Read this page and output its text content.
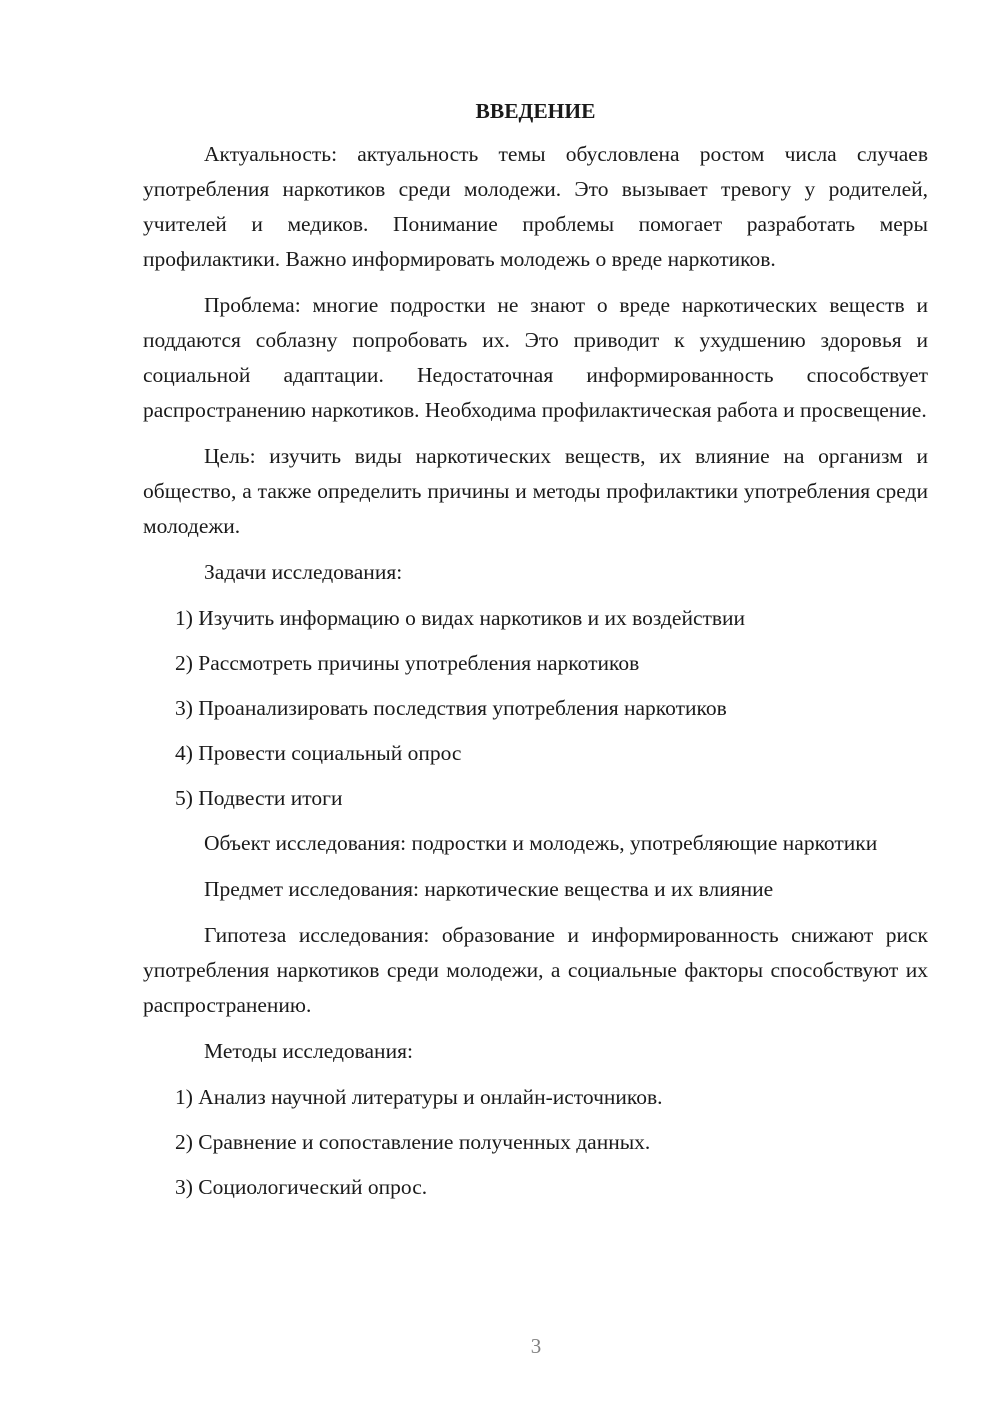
ВВЕДЕНИЕ
Актуальность: актуальность темы обусловлена ростом числа случаев употребления наркотиков среди молодежи. Это вызывает тревогу у родителей, учителей и медиков. Понимание проблемы помогает разработать меры профилактики. Важно информировать молодежь о вреде наркотиков.
Проблема: многие подростки не знают о вреде наркотических веществ и поддаются соблазну попробовать их. Это приводит к ухудшению здоровья и социальной адаптации. Недостаточная информированность способствует распространению наркотиков. Необходима профилактическая работа и просвещение.
Цель: изучить виды наркотических веществ, их влияние на организм и общество, а также определить причины и методы профилактики употребления среди молодежи.
Задачи исследования:
1) Изучить информацию о видах наркотиков и их воздействии
2) Рассмотреть причины употребления наркотиков
3) Проанализировать последствия употребления наркотиков
4) Провести социальный опрос
5) Подвести итоги
Объект исследования: подростки и молодежь, употребляющие наркотики
Предмет исследования: наркотические вещества и их влияние
Гипотеза исследования: образование и информированность снижают риск употребления наркотиков среди молодежи, а социальные факторы способствуют их распространению.
Методы исследования:
1) Анализ научной литературы и онлайн-источников.
2) Сравнение и сопоставление полученных данных.
3) Социологический опрос.
3
